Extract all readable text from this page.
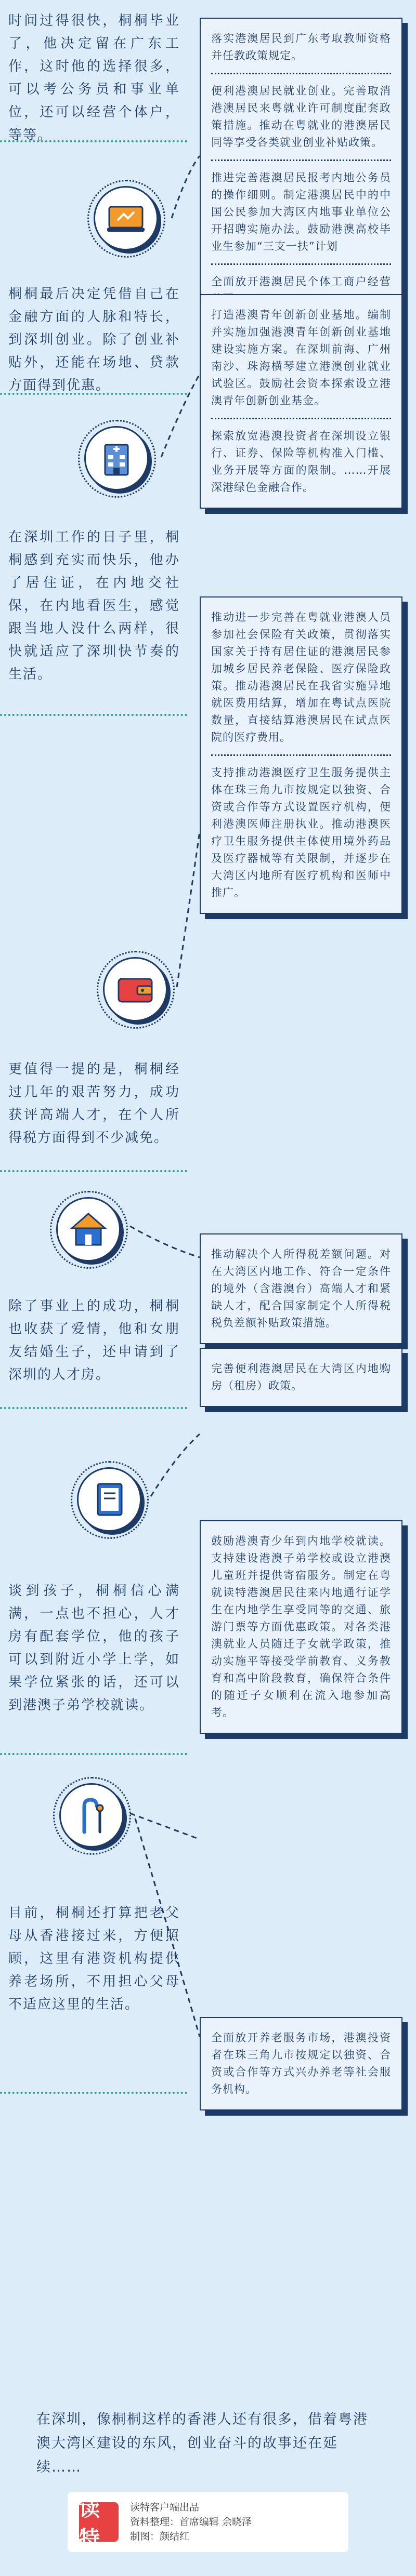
时间过得很快，桐桐毕业了，他决定留在广东工作，这时他的选择很多，可以考公务员和事业单位，还可以经营个体户，等等。

落实港澳居民到广东考取教师资格并任教政策规定。

便利港澳居民就业创业。完善取消港澳居民来粤就业许可制度配套政策措施。推动在粤就业的港澳居民同等享受各类就业创业补贴政策。

推进完善港澳居民报考内地公务员的操作细则。制定港澳居民中的中国公民参加大湾区内地事业单位公开招聘实施办法。鼓励港澳高校毕业生参加“三支一扶”计划

全面放开港澳居民个体工商户经营

桐桐最后决定凭借自己在金融方面的人脉和特长，到深圳创业。除了创业补贴外，还能在场地、贷款方面得到优惠。

打造港澳青年创新创业基地。编制并实施加强港澳青年创新创业基地建设实施方案。在深圳前海、广州南沙、珠海横琴建立港澳创业就业试验区。鼓励社会资本探索设立港澳青年创新创业基金。

探索放宽港澳投资者在深圳设立银行、证券、保险等机构准入门槛、业务开展等方面的限制。……开展深港绿色金融合作。

在深圳工作的日子里，桐桐感到充实而快乐，他办了居住证，在内地交社保，在内地看医生，感觉跟当地人没什么两样，很快就适应了深圳快节奏的生活。

推动进一步完善在粤就业港澳人员参加社会保险有关政策，贯彻落实国家关于持有居住证的港澳居民参加城乡居民养老保险、医疗保险政策。推动港澳居民在我省实施异地就医费用结算，增加在粤试点医院数量，直接结算港澳居民在试点医院的医疗费用。

支持推动港澳医疗卫生服务提供主体在珠三角九市按规定以独资、合资或合作等方式设置医疗机构，便利港澳医师注册执业。推动港澳医疗卫生服务提供主体使用境外药品及医疗器械等有关限制，并逐步在大湾区内地所有医疗机构和医师中推广。

更值得一提的是，桐桐经过几年的艰苦努力，成功获评高端人才，在个人所得税方面得到不少减免。

推动解决个人所得税差额问题。对在大湾区内地工作、符合一定条件的境外（含港澳台）高端人才和紧缺人才，配合国家制定个人所得税税负差额补贴政策措施。

除了事业上的成功，桐桐也收获了爱情，他和女朋友结婚生子，还申请到了深圳的人才房。	完善便利港澳居民在大湾区内地购房（租房）政策。

谈到孩子，桐桐信心满满，一点也不担心，人才房有配套学位，他的孩子可以到附近小学上学，如果学位紧张的话，还可以到港澳子弟学校就读。

鼓励港澳青少年到内地学校就读。支持建设港澳子弟学校或设立港澳儿童班并提供寄宿服务。制定在粤就读特港澳居民往来内地通行证学生在内地学生享受同等的交通、旅游门票等方面优惠政策。对各类港澳就业人员随迁子女就学政策，推动实施平等接受学前教育、义务教育和高中阶段教育，确保符合条件的随迁子女顺利在流入地参加高考。

目前，桐桐还打算把老父母从香港接过来，方便照顾，这里有港资机构提供养老场所，不用担心父母不适应这里的生活。

全面放开养老服务市场，港澳投资者在珠三角九市按规定以独资、合资或合作等方式兴办养老等社会服务机构。

在深圳，像桐桐这样的香港人还有很多，借着粤港澳大湾区建设的东风，创业奋斗的故事还在延续……
读特
读特客户端出品
资料整理：首席编辑 余晓泽
制图：颜结红
